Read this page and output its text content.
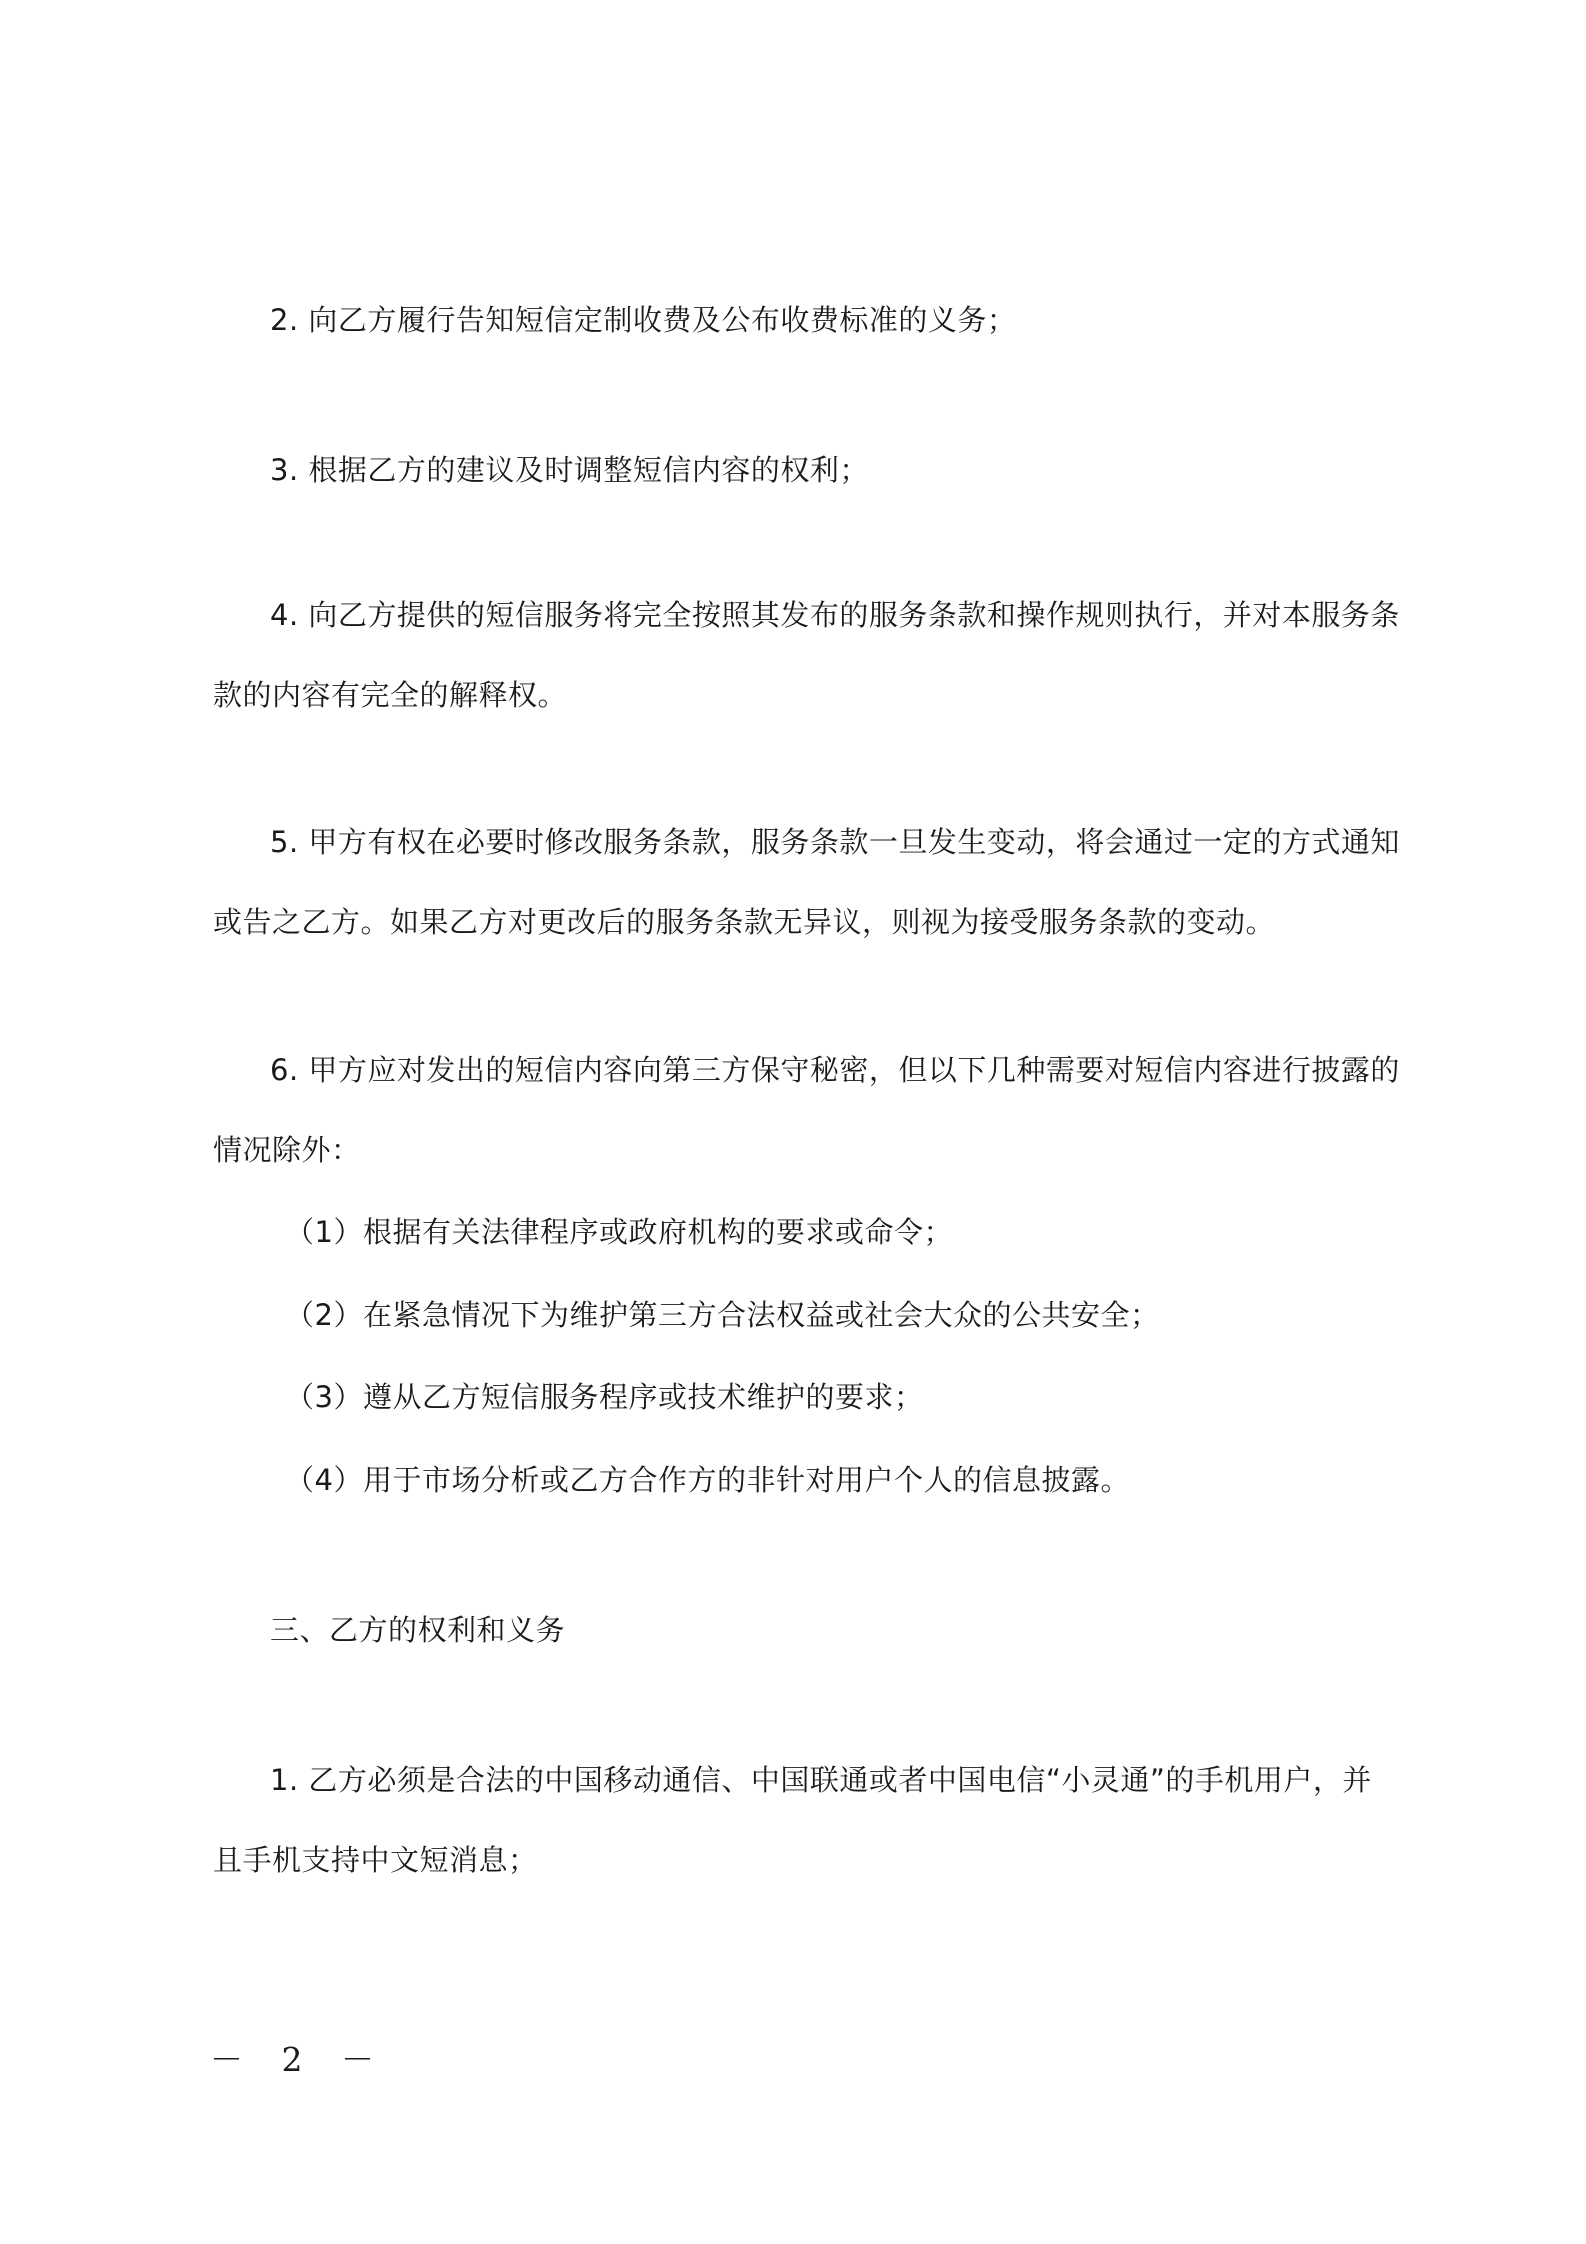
2. 向乙方履行告知短信定制收费及公布收费标准的义务；
3. 根据乙方的建议及时调整短信内容的权利；
4. 向乙方提供的短信服务将完全按照其发布的服务条款和操作规则执行，并对本服务条
款的内容有完全的解释权。
5. 甲方有权在必要时修改服务条款，服务条款一旦发生变动，将会通过一定的方式通知
或告之乙方。如果乙方对更改后的服务条款无异议，则视为接受服务条款的变动。
6. 甲方应对发出的短信内容向第三方保守秘密，但以下几种需要对短信内容进行披露的
情况除外：
（1）根据有关法律程序或政府机构的要求或命令；
（2）在紧急情况下为维护第三方合法权益或社会大众的公共安全；
（3）遵从乙方短信服务程序或技术维护的要求；
（4）用于市场分析或乙方合作方的非针对用户个人的信息披露。
三、乙方的权利和义务
1. 乙方必须是合法的中国移动通信、中国联通或者中国电信“小灵通”的手机用户，并
且手机支持中文短消息；
－ 2 －
